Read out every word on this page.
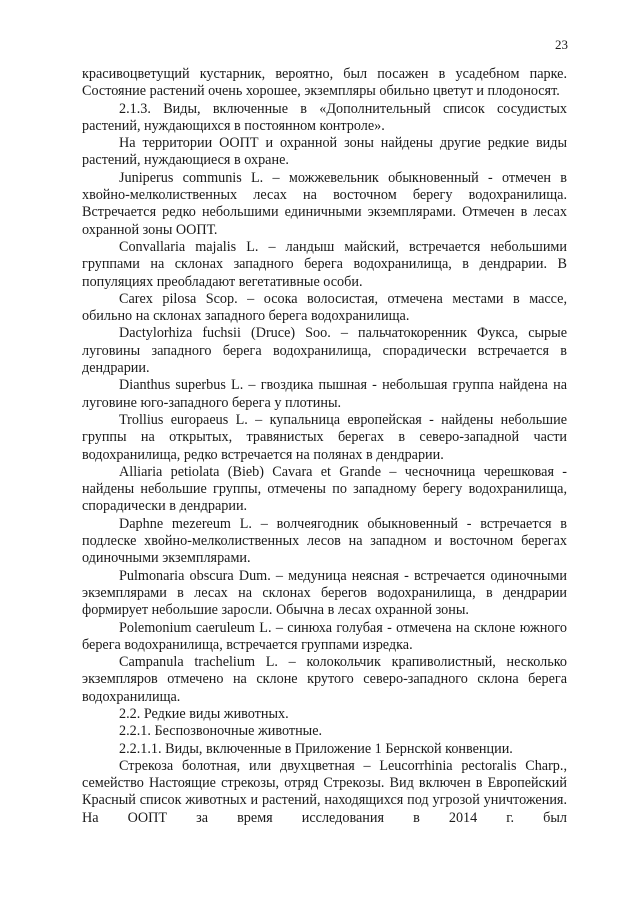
23

красивоцветущий кустарник, вероятно, был посажен в усадебном парке. Состояние растений очень хорошее, экземпляры обильно цветут и плодоносят.

2.1.3. Виды, включенные в «Дополнительный список сосудистых растений, нуждающихся в постоянном контроле».

На территории ООПТ и охранной зоны найдены другие редкие виды растений, нуждающиеся в охране.

Juniperus communis L. – можжевельник обыкновенный - отмечен в хвойно-мелколиственных лесах на восточном берегу водохранилища. Встречается редко небольшими единичными экземплярами. Отмечен в лесах охранной зоны ООПТ.

Convallaria majalis L. – ландыш майский, встречается небольшими группами на склонах западного берега водохранилища, в дендрарии. В популяциях преобладают вегетативные особи.

Carex pilosa Scop. – осока волосистая, отмечена местами в массе, обильно на склонах западного берега водохранилища.

Dactylorhiza fuchsii (Druce) Soo. – пальчатокоренник Фукса, сырые луговины западного берега водохранилища, спорадически встречается в дендрарии.

Dianthus superbus L. – гвоздика пышная - небольшая группа найдена на луговине юго-западного берега у плотины.

Trollius europaeus L. – купальница европейская - найдены небольшие группы на открытых, травянистых берегах в северо-западной части водохранилища, редко встречается на полянах в дендрарии.

Alliaria petiolata (Bieb) Cavara et Grande – чесночница черешковая - найдены небольшие группы, отмечены по западному берегу водохранилища, спорадически в дендрарии.

Daphne mezereum L. – волчеягодник обыкновенный - встречается в подлеске хвойно-мелколиственных лесов на западном и восточном берегах одиночными экземплярами.

Pulmonaria obscura Dum. – медуница неясная - встречается одиночными экземплярами в лесах на склонах берегов водохранилища, в дендрарии формирует небольшие заросли. Обычна в лесах охранной зоны.

Polemonium caeruleum L. – синюха голубая - отмечена на склоне южного берега водохранилища, встречается группами изредка.

Campanula trachelium L. – колокольчик крапиволистный, несколько экземпляров отмечено на склоне крутого северо-западного склона берега водохранилища.

2.2. Редкие виды животных.

2.2.1. Беспозвоночные животные.

2.2.1.1. Виды, включенные в Приложение 1 Бернской конвенции.

Стрекоза болотная, или двухцветная – Leucorrhinia pectoralis Charp., семейство Настоящие стрекозы, отряд Стрекозы. Вид включен в Европейский Красный список животных и растений, находящихся под угрозой уничтожения. На ООПТ за время исследования в 2014 г. был
